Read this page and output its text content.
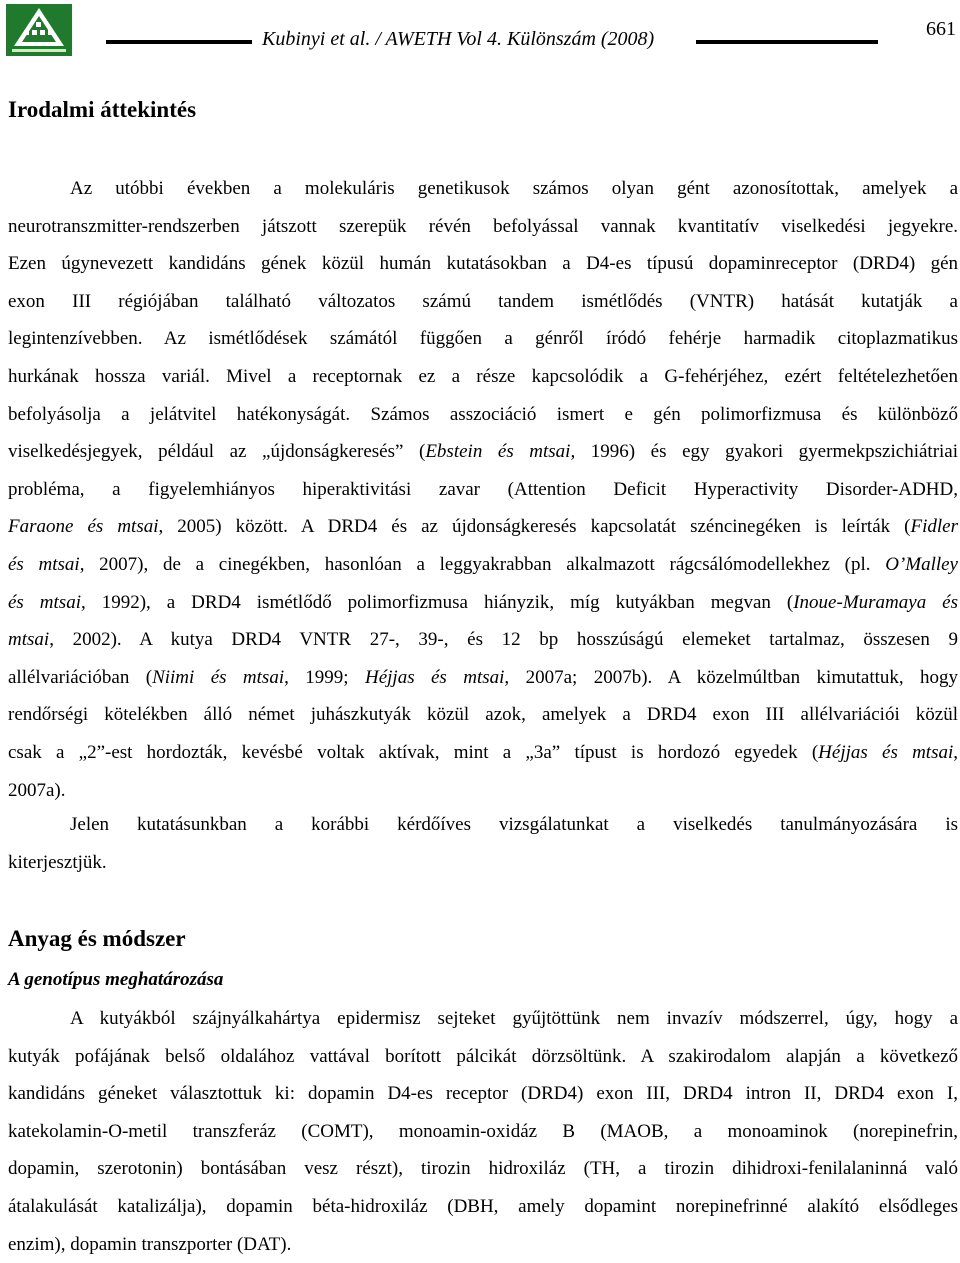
Kubinyi et al. / AWETH Vol 4. Különszám (2008)	661
Irodalmi áttekintés
Az utóbbi években a molekuláris genetikusok számos olyan gént azonosítottak, amelyek a
neurotranszmitter-rendszerben játszott szerepük révén befolyással vannak kvantitatív viselkedési jegyekre.
Ezen úgynevezett kandidáns gének közül humán kutatásokban a D4-es típusú dopaminreceptor (DRD4) gén
exon III régiójában található változatos számú tandem ismétlődés (VNTR) hatását kutatják a
legintenzívebben. Az ismétlődések számától függően a génről íródó fehérje harmadik citoplazmatikus
hurkának hossza variál. Mivel a receptornak ez a része kapcsolódik a G-fehérjéhez, ezért feltételezhetően
befolyásolja a jelátvitel hatékonyságát. Számos asszociáció ismert e gén polimorfizmusa és különböző
viselkedésjegyek, például az „újdonságkeresés” (Ebstein és mtsai, 1996) és egy gyakori gyermekpszichiátriai
probléma, a figyelemhiányos hiperaktivitási zavar (Attention Deficit Hyperactivity Disorder-ADHD,
Faraone és mtsai, 2005) között. A DRD4 és az újdonságkeresés kapcsolatát széncinegéken is leírták (Fidler
és mtsai, 2007), de a cinegékben, hasonlóan a leggyakrabban alkalmazott rágcsálómodellekhez (pl. O’Malley
és mtsai, 1992), a DRD4 ismétlődő polimorfizmusa hiányzik, míg kutyákban megvan (Inoue-Muramaya és
mtsai, 2002). A kutya DRD4 VNTR 27-, 39-, és 12 bp hosszúságú elemeket tartalmaz, összesen 9
allélvariációban (Niimi és mtsai, 1999; Héjjas és mtsai, 2007a; 2007b). A közelmúltban kimutattuk, hogy
rendőrségi kötelékben álló német juhászkutyák közül azok, amelyek a DRD4 exon III allélvariációi közül
csak a „2”-est hordozták, kevésbé voltak aktívak, mint a „3a” típust is hordozó egyedek (Héjjas és mtsai,
2007a).
Jelen kutatásunkban a korábbi kérdőíves vizsgálatunkat a viselkedés tanulmányozására is
kiterjesztjük.
Anyag és módszer
A genotípus meghatározása
A kutyákból szájnyálkahártya epidermisz sejteket gyűjtöttünk nem invazív módszerrel, úgy, hogy a
kutyák pofájának belső oldalához vattával borított pálcikát dörzsöltünk. A szakirodalom alapján a következő
kandidáns géneket választottuk ki: dopamin D4-es receptor (DRD4) exon III, DRD4 intron II, DRD4 exon I,
katekolamin-O-metil transzferáz (COMT), monoamin-oxidáz B (MAOB, a monoaminok (norepinefrin,
dopamin, szerotonin) bontásában vesz részt), tirozin hidroxiláz (TH, a tirozin dihidroxi-fenilalaninná való
átalakulását katalizálja), dopamin béta-hidroxiláz (DBH, amely dopamint norepinefrinné alakító elsődleges
enzim), dopamin transzporter (DAT).
